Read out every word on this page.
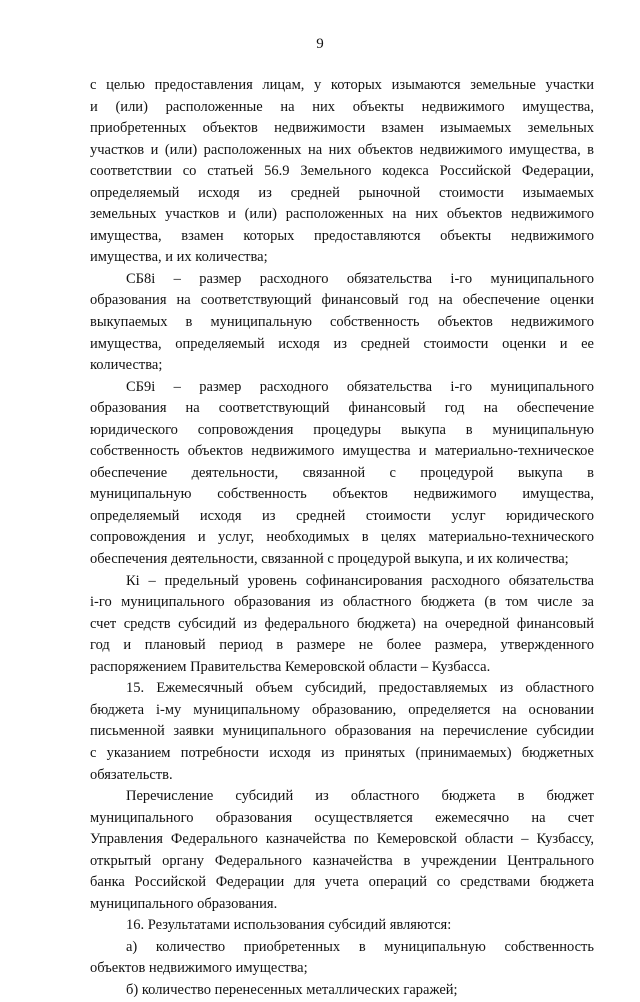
9
с целью предоставления лицам, у которых изымаются земельные участки
и (или) расположенные на них объекты недвижимого имущества,
приобретенных объектов недвижимости взамен изымаемых земельных
участков и (или) расположенных на них объектов недвижимого имущества, в
соответствии со статьей 56.9 Земельного кодекса Российской Федерации,
определяемый исходя из средней рыночной стоимости изымаемых
земельных участков и (или) расположенных на них объектов недвижимого
имущества, взамен которых предоставляются объекты недвижимого
имущества, и их количества;
СБ8i – размер расходного обязательства i-го муниципального
образования на соответствующий финансовый год на обеспечение оценки
выкупаемых в муниципальную собственность объектов недвижимого
имущества, определяемый исходя из средней стоимости оценки и ее
количества;
СБ9i – размер расходного обязательства i-го муниципального
образования на соответствующий финансовый год на обеспечение
юридического сопровождения процедуры выкупа в муниципальную
собственность объектов недвижимого имущества и материально-техническое
обеспечение деятельности, связанной с процедурой выкупа в
муниципальную собственность объектов недвижимого имущества,
определяемый исходя из средней стоимости услуг юридического
сопровождения и услуг, необходимых в целях материально-технического
обеспечения деятельности, связанной с процедурой выкупа, и их количества;
Кi – предельный уровень софинансирования расходного обязательства
i-го муниципального образования из областного бюджета (в том числе за
счет средств субсидий из федерального бюджета) на очередной финансовый
год и плановый период в размере не более размера, утвержденного
распоряжением Правительства Кемеровской области – Кузбасса.
15. Ежемесячный объем субсидий, предоставляемых из областного
бюджета i-му муниципальному образованию, определяется на основании
письменной заявки муниципального образования на перечисление субсидии
с указанием потребности исходя из принятых (принимаемых) бюджетных
обязательств.
Перечисление субсидий из областного бюджета в бюджет
муниципального образования осуществляется ежемесячно на счет
Управления Федерального казначейства по Кемеровской области – Кузбассу,
открытый органу Федерального казначейства в учреждении Центрального
банка Российской Федерации для учета операций со средствами бюджета
муниципального образования.
16. Результатами использования субсидий являются:
а) количество приобретенных в муниципальную собственность
объектов недвижимого имущества;
б) количество перенесенных металлических гаражей;
